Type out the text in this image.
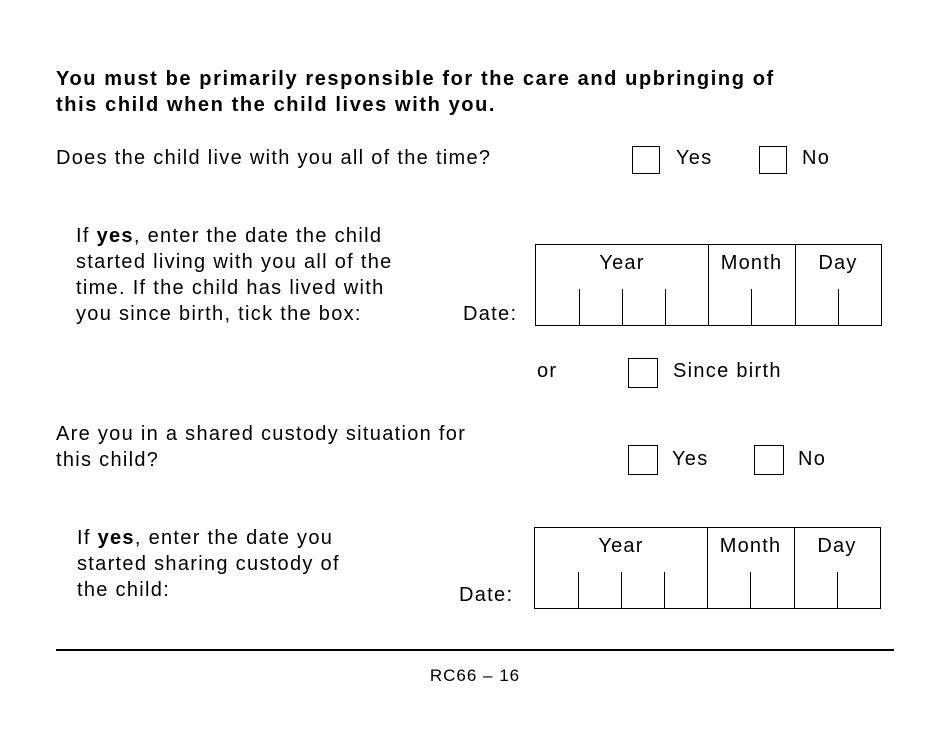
You must be primarily responsible for the care and upbringing of
this child when the child lives with you.
Does the child live with you all of the time?	Yes	No
If yes, enter the date the child
started living with you all of the
time. If the child has lived with
you since birth, tick the box:	Date:
Year	Month	Day
or	Since birth
Are you in a shared custody situation for
this child?	Yes	No
If yes, enter the date you
started sharing custody of
the child:	Date:
Year	Month	Day
RC66 – 16
